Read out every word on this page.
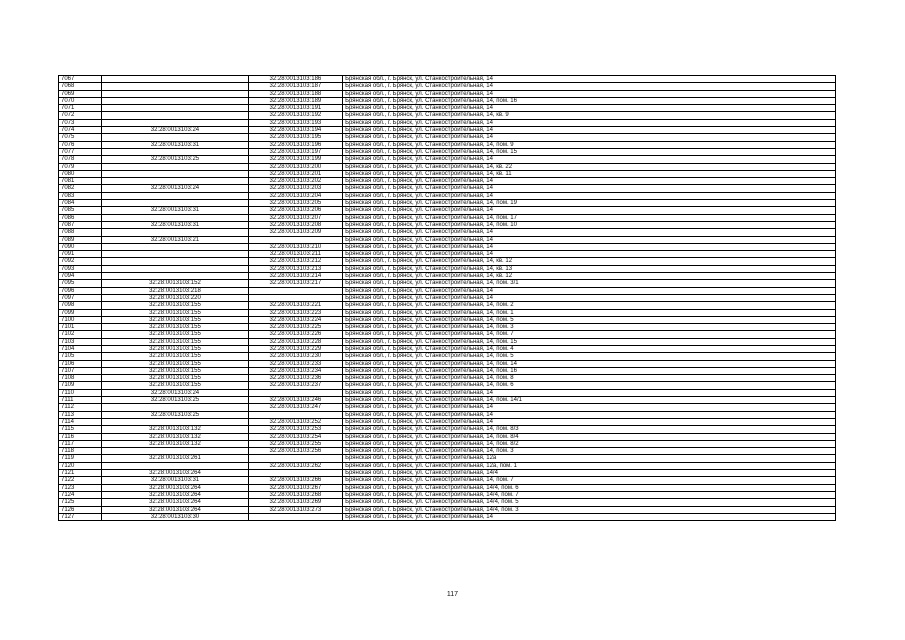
7067		32:28:0013103:186	Брянская обл., г. Брянск, ул. Станкостроительная, 14
7068		32:28:0013103:187	Брянская обл., г. Брянск, ул. Станкостроительная, 14
7069		32:28:0013103:188	Брянская обл., г. Брянск, ул. Станкостроительная, 14
7070		32:28:0013103:189	Брянская обл., г. Брянск, ул. Станкостроительная, 14, пом. 16
7071		32:28:0013103:191	Брянская обл., г. Брянск, ул. Станкостроительная, 14
7072		32:28:0013103:192	Брянская обл., г. Брянск, ул. Станкостроительная, 14, кв. 9
7073		32:28:0013103:193	Брянская обл., г. Брянск, ул. Станкостроительная, 14
7074	32:28:0013103:24	32:28:0013103:194	Брянская обл., г. Брянск, ул. Станкостроительная, 14
7075		32:28:0013103:195	Брянская обл., г. Брянск, ул. Станкостроительная, 14
7076	32:28:0013103:31	32:28:0013103:196	Брянская обл., г. Брянск, ул. Станкостроительная, 14, пом. 9
7077		32:28:0013103:197	Брянская обл., г. Брянск, ул. Станкостроительная, 14, пом. 15
7078	32:28:0013103:25	32:28:0013103:199	Брянская обл., г. Брянск, ул. Станкостроительная, 14
7079		32:28:0013103:200	Брянская обл., г. Брянск, ул. Станкостроительная, 14, кв. 22
7080		32:28:0013103:201	Брянская обл., г. Брянск, ул. Станкостроительная, 14, кв. 11
7081		32:28:0013103:202	Брянская обл., г. Брянск, ул. Станкостроительная, 14
7082	32:28:0013103:24	32:28:0013103:203	Брянская обл., г. Брянск, ул. Станкостроительная, 14
7083		32:28:0013103:204	Брянская обл., г. Брянск, ул. Станкостроительная, 14
7084		32:28:0013103:205	Брянская обл., г. Брянск, ул. Станкостроительная, 14, пом. 19
7085	32:28:0013103:31	32:28:0013103:206	Брянская обл., г. Брянск, ул. Станкостроительная, 14
7086		32:28:0013103:207	Брянская обл., г. Брянск, ул. Станкостроительная, 14, пом. 17
7087	32:28:0013103:31	32:28:0013103:208	Брянская обл., г. Брянск, ул. Станкостроительная, 14, пом. 10
7088		32:28:0013103:209	Брянская обл., г. Брянск, ул. Станкостроительная, 14
7089	32:28:0013103:21		Брянская обл., г. Брянск, ул. Станкостроительная, 14
7090		32:28:0013103:210	Брянская обл., г. Брянск, ул. Станкостроительная, 14
7091		32:28:0013103:211	Брянская обл., г. Брянск, ул. Станкостроительная, 14
7092		32:28:0013103:212	Брянская обл., г. Брянск, ул. Станкостроительная, 14, кв. 12
7093		32:28:0013103:213	Брянская обл., г. Брянск, ул. Станкостроительная, 14, кв. 13
7094		32:28:0013103:214	Брянская обл., г. Брянск, ул. Станкостроительная, 14, кв. 12
7095	32:28:0013103:152	32:28:0013103:217	Брянская обл., г. Брянск, ул. Станкостроительная, 14, пом. 3/1
7096	32:28:0013103:218		Брянская обл., г. Брянск, ул. Станкостроительная, 14
7097	32:28:0013103:220		Брянская обл., г. Брянск, ул. Станкостроительная, 14
7098	32:28:0013103:155	32:28:0013103:221	Брянская обл., г. Брянск, ул. Станкостроительная, 14, пом. 2
7099	32:28:0013103:155	32:28:0013103:223	Брянская обл., г. Брянск, ул. Станкостроительная, 14, пом. 1
7100	32:28:0013103:155	32:28:0013103:224	Брянская обл., г. Брянск, ул. Станкостроительная, 14, пом. 5
7101	32:28:0013103:155	32:28:0013103:225	Брянская обл., г. Брянск, ул. Станкостроительная, 14, пом. 3
7102	32:28:0013103:155	32:28:0013103:226	Брянская обл., г. Брянск, ул. Станкостроительная, 14, пом. 7
7103	32:28:0013103:155	32:28:0013103:228	Брянская обл., г. Брянск, ул. Станкостроительная, 14, пом. 15
7104	32:28:0013103:155	32:28:0013103:229	Брянская обл., г. Брянск, ул. Станкостроительная, 14, пом. 4
7105	32:28:0013103:155	32:28:0013103:230	Брянская обл., г. Брянск, ул. Станкостроительная, 14, пом. 5
7106	32:28:0013103:155	32:28:0013103:233	Брянская обл., г. Брянск, ул. Станкостроительная, 14, пом. 14
7107	32:28:0013103:155	32:28:0013103:234	Брянская обл., г. Брянск, ул. Станкостроительная, 14, пом. 16
7108	32:28:0013103:155	32:28:0013103:236	Брянская обл., г. Брянск, ул. Станкостроительная, 14, пом. 8
7109	32:28:0013103:155	32:28:0013103:237	Брянская обл., г. Брянск, ул. Станкостроительная, 14, пом. 6
7110	32:28:0013103:24		Брянская обл., г. Брянск, ул. Станкостроительная, 14
7111	32:28:0013103:25	32:28:0013103:246	Брянская обл., г. Брянск, ул. Станкостроительная, 14, пом. 14/1
7112		32:28:0013103:247	Брянская обл., г. Брянск, ул. Станкостроительная, 14
7113	32:28:0013103:25		Брянская обл., г. Брянск, ул. Станкостроительная, 14
7114		32:28:0013103:252	Брянская обл., г. Брянск, ул. Станкостроительная, 14
7115	32:28:0013103:132	32:28:0013103:253	Брянская обл., г. Брянск, ул. Станкостроительная, 14, пом. 8/3
7116	32:28:0013103:132	32:28:0013103:254	Брянская обл., г. Брянск, ул. Станкостроительная, 14, пом. 8/4
7117	32:28:0013103:132	32:28:0013103:255	Брянская обл., г. Брянск, ул. Станкостроительная, 14, пом. 8/2
7118		32:28:0013103:256	Брянская обл., г. Брянск, ул. Станкостроительная, 14, пом. 3
7119	32:28:0013103:261		Брянская обл., г. Брянск, ул. Станкостроительная, 12а
7120		32:28:0013103:262	Брянская обл., г. Брянск, ул. Станкостроительная, 12а, пом. 1
7121	32:28:0013103:264		Брянская обл., г. Брянск, ул. Станкостроительная, 14/4
7122	32:28:0013103:31	32:28:0013103:266	Брянская обл., г. Брянск, ул. Станкостроительная, 14, пом. 7
7123	32:28:0013103:264	32:28:0013103:267	Брянская обл., г. Брянск, ул. Станкостроительная, 14/4, пом. 6
7124	32:28:0013103:264	32:28:0013103:268	Брянская обл., г. Брянск, ул. Станкостроительная, 14/4, пом. 7
7125	32:28:0013103:264	32:28:0013103:269	Брянская обл., г. Брянск, ул. Станкостроительная, 14/4, пом. 5
7126	32:28:0013103:264	32:28:0013103:273	Брянская обл., г. Брянск, ул. Станкостроительная, 14/4, пом. 3
7127	32:28:0013103:30		Брянская обл., г. Брянск, ул. Станкостроительная, 14
117
